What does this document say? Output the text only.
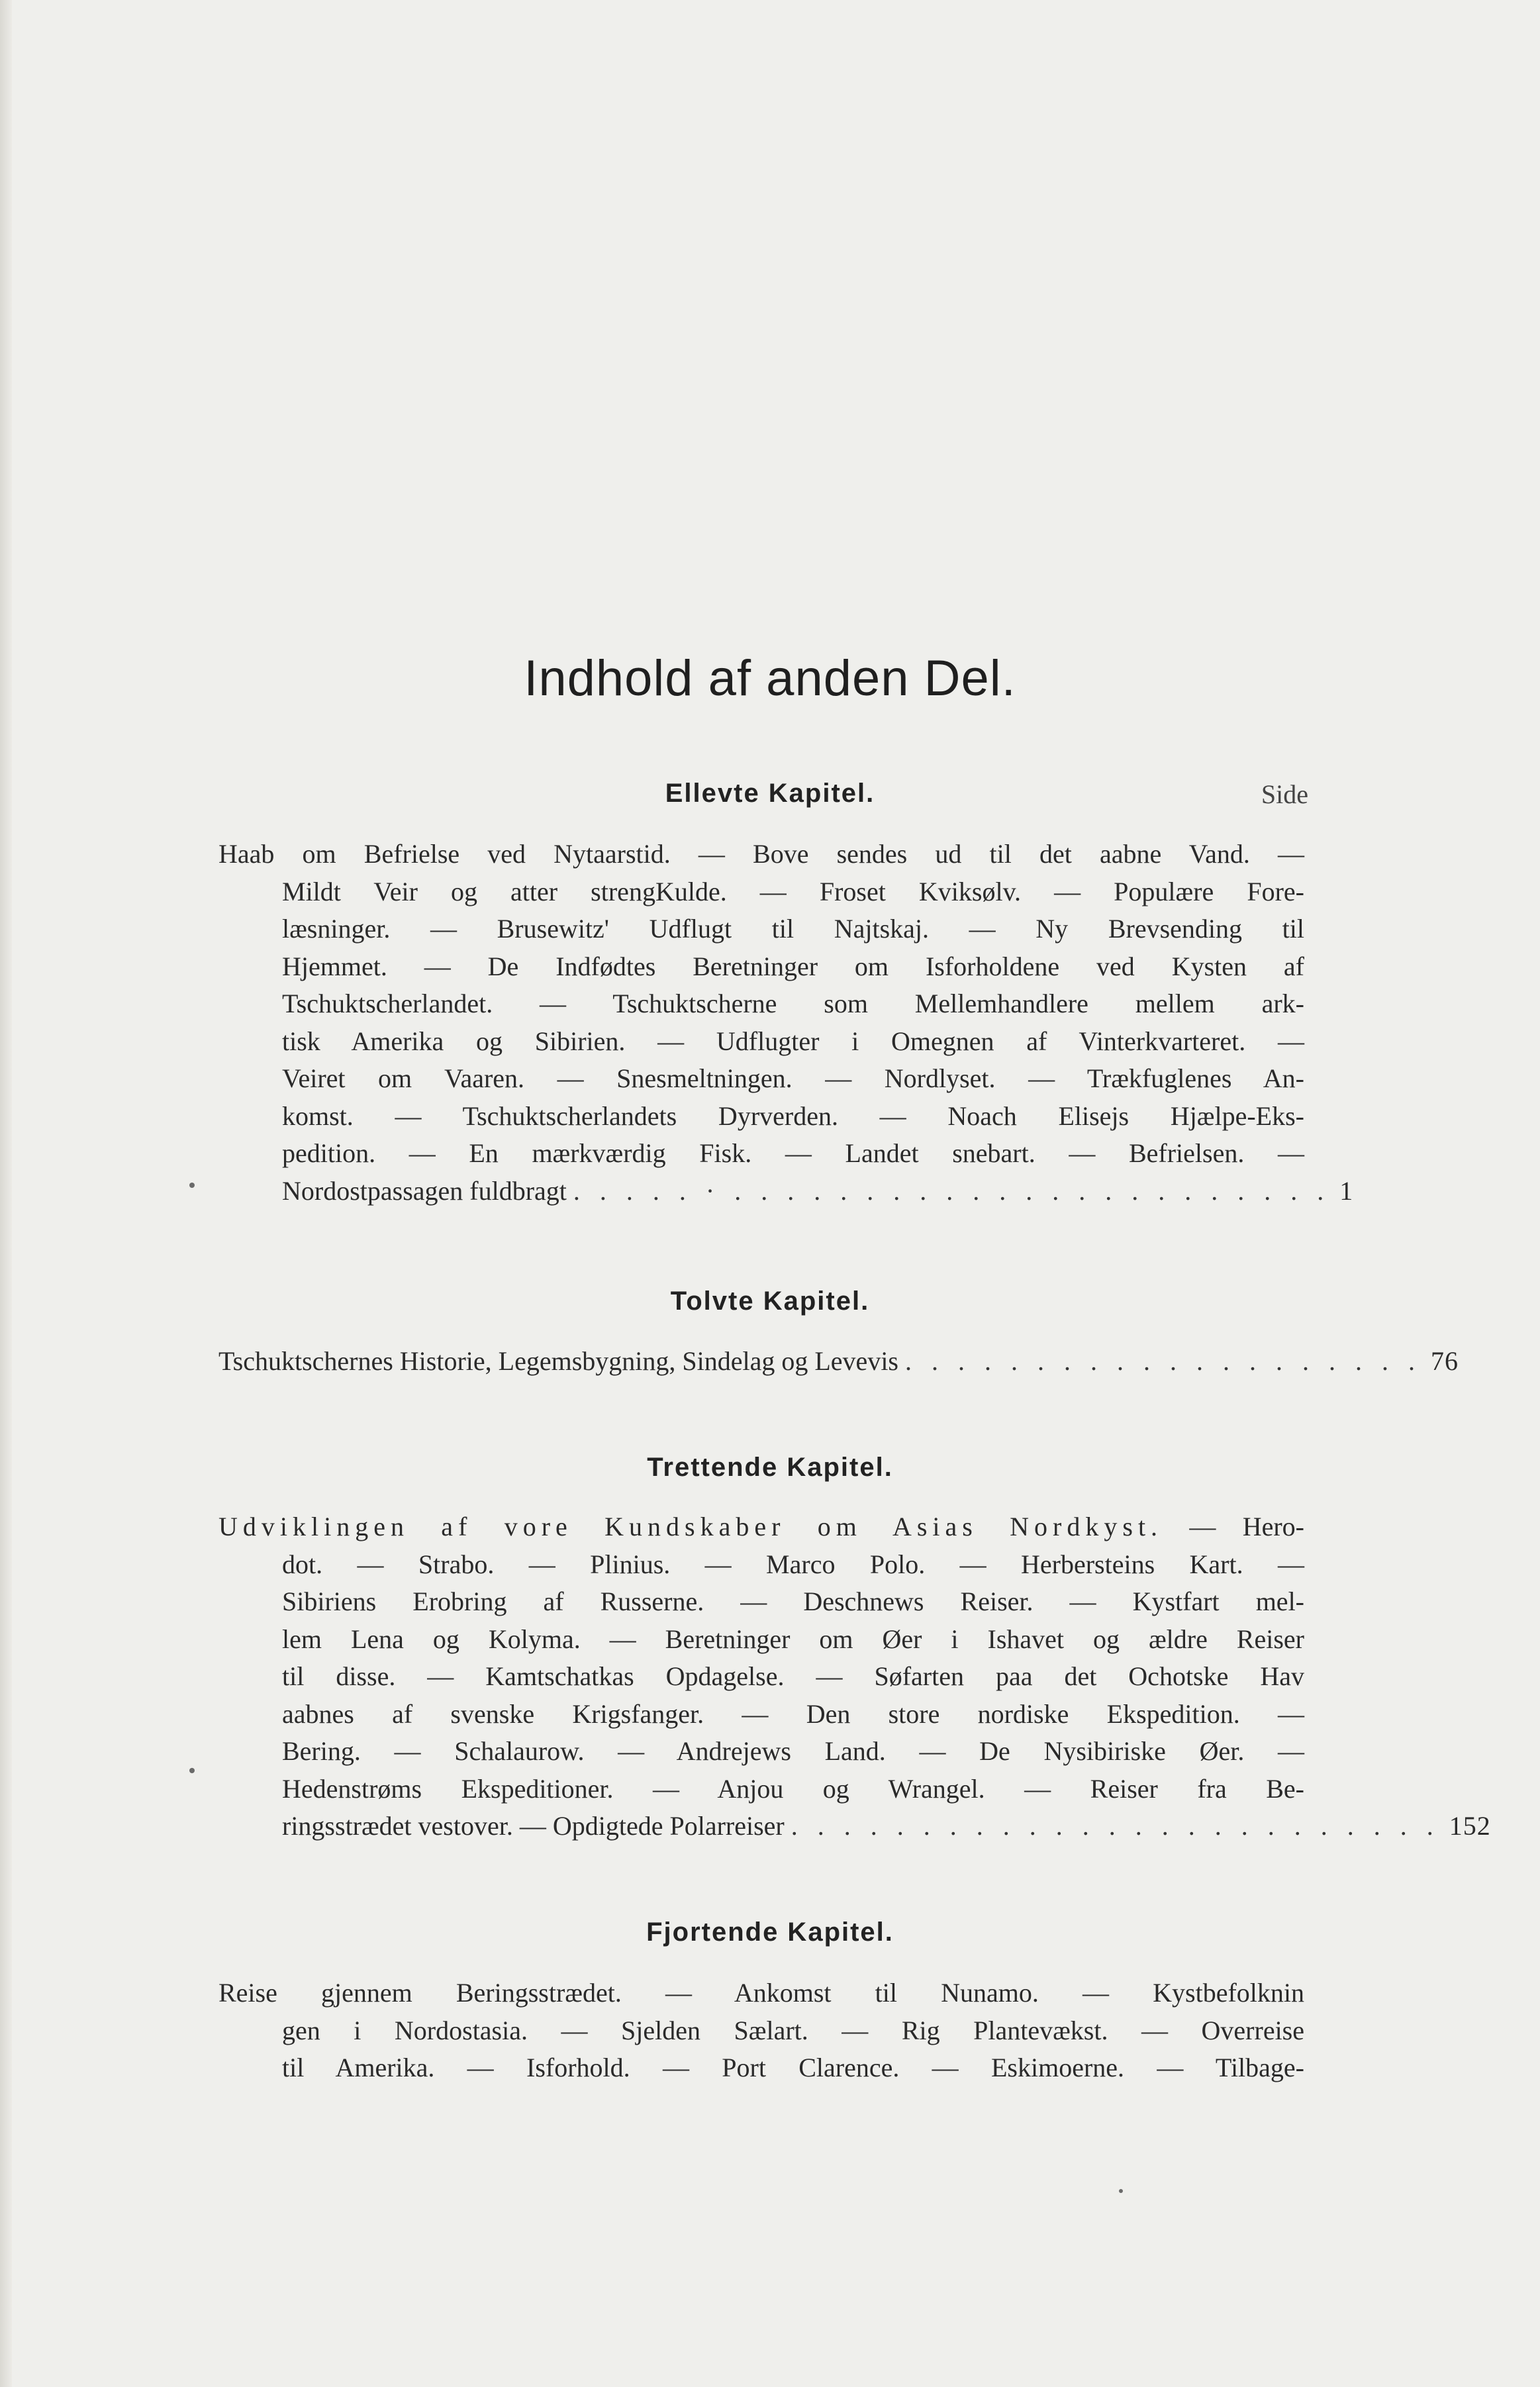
Indhold af anden Del.
Side
Ellevte Kapitel.
Haab om Befrielse ved Nytaarstid. — Bove sendes ud til det aabne Vand. —
Mildt Veir og atter strengKulde. — Froset Kviksølv. — Populære Fore-
læsninger. — Brusewitz' Udflugt til Najtskaj. — Ny Brevsending til
Hjemmet. — De Indfødtes Beretninger om Isforholdene ved Kysten af
Tschuktscherlandet. — Tschuktscherne som Mellemhandlere mellem ark-
tisk Amerika og Sibirien. — Udflugter i Omegnen af Vinterkvarteret. —
Veiret om Vaaren. — Snesmeltningen. — Nordlyset. — Trækfuglenes An-
komst. — Tschuktscherlandets Dyrverden. — Noach Elisejs Hjælpe-Eks-
pedition. — En mærkværdig Fisk. — Landet snebart. — Befrielsen. —
Nordostpassagen fuldbragt . . . . . · . . . . . . . . . . . . . . . . . . . . . . . 1
Tolvte Kapitel.
Tschuktschernes Historie, Legemsbygning, Sindelag og Levevis . . . . . . . . . . . . . . . . . . . . 76
Trettende Kapitel.
Udviklingen af vore Kundskaber om Asias Nordkyst. — Hero-
dot. — Strabo. — Plinius. — Marco Polo. — Herbersteins Kart. —
Sibiriens Erobring af Russerne. — Deschnews Reiser. — Kystfart mel-
lem Lena og Kolyma. — Beretninger om Øer i Ishavet og ældre Reiser
til disse. — Kamtschatkas Opdagelse. — Søfarten paa det Ochotske Hav
aabnes af svenske Krigsfanger. — Den store nordiske Ekspedition. —
Bering. — Schalaurow. — Andrejews Land. — De Nysibiriske Øer. —
Hedenstrøms Ekspeditioner. — Anjou og Wrangel. — Reiser fra Be-
ringsstrædet vestover. — Opdigtede Polarreiser . . . . . . . . . . . . . . . . . . . . . . . . . 152
Fjortende Kapitel.
Reise gjennem Beringsstrædet. — Ankomst til Nunamo. — Kystbefolknin
gen i Nordostasia. — Sjelden Sælart. — Rig Plantevækst. — Overreise
til Amerika. — Isforhold. — Port Clarence. — Eskimoerne. — Tilbage-
